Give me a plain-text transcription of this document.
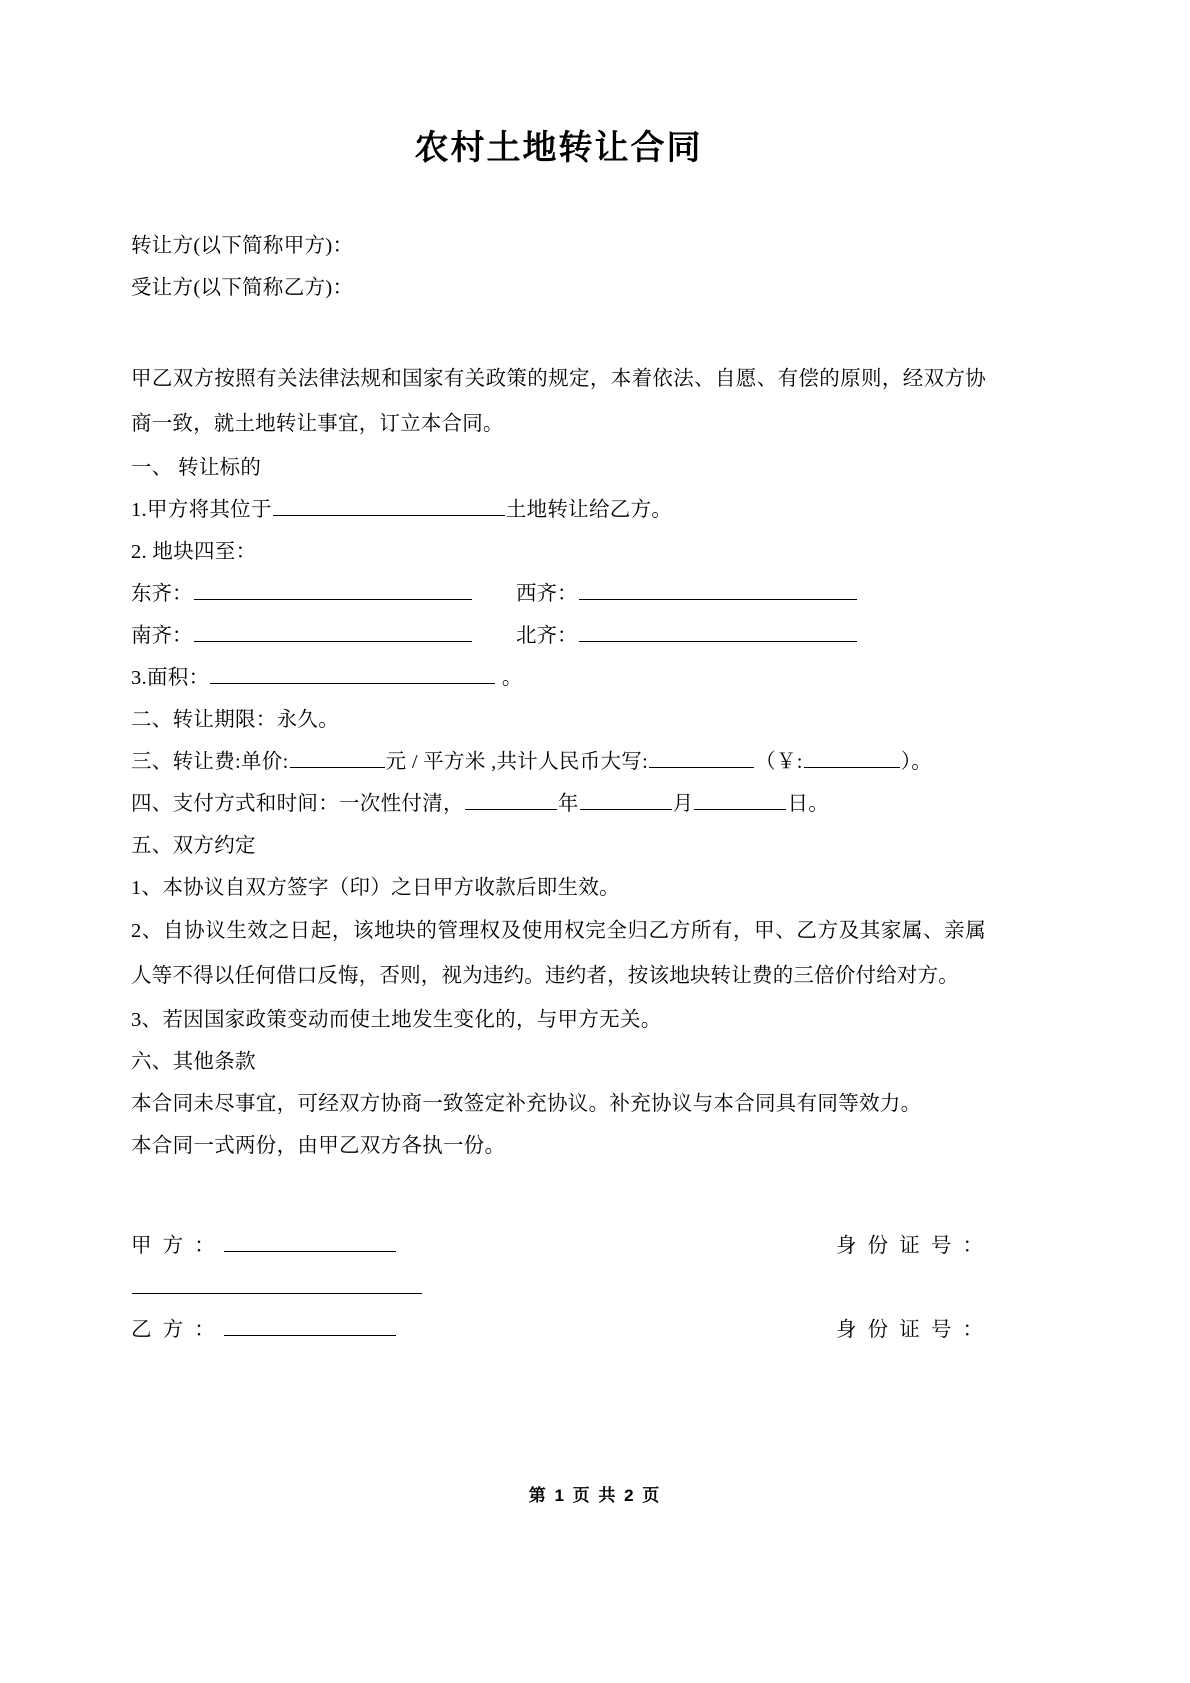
农村土地转让合同
转让方(以下简称甲方)：
受让方(以下简称乙方)：
甲乙双方按照有关法律法规和国家有关政策的规定，本着依法、自愿、有偿的原则，经双方协商一致，就土地转让事宜，订立本合同。
一、 转让标的
1.甲方将其位于	土地转让给乙方。
2. 地块四至：
东齐：	西齐：
南齐：	北齐：
3.面积：	。
二、转让期限：永久。
三、转让费:单价:	元 / 平方米 ,共计人民币大写:	（￥:	）。
四、支付方式和时间：一次性付清，	年	月	日。
五、双方约定
1、本协议自双方签字（印）之日甲方收款后即生效。
2、自协议生效之日起，该地块的管理权及使用权完全归乙方所有，甲、乙方及其家属、亲属人等不得以任何借口反悔，否则，视为违约。违约者，按该地块转让费的三倍价付给对方。
3、若因国家政策变动而使土地发生变化的，与甲方无关。
六、其他条款
本合同未尽事宜，可经双方协商一致签定补充协议。补充协议与本合同具有同等效力。
本合同一式两份，由甲乙双方各执一份。
甲 方 ：	身 份 证 号 ：
乙 方 ：	身 份 证 号 ：
第 1 页 共 2 页
